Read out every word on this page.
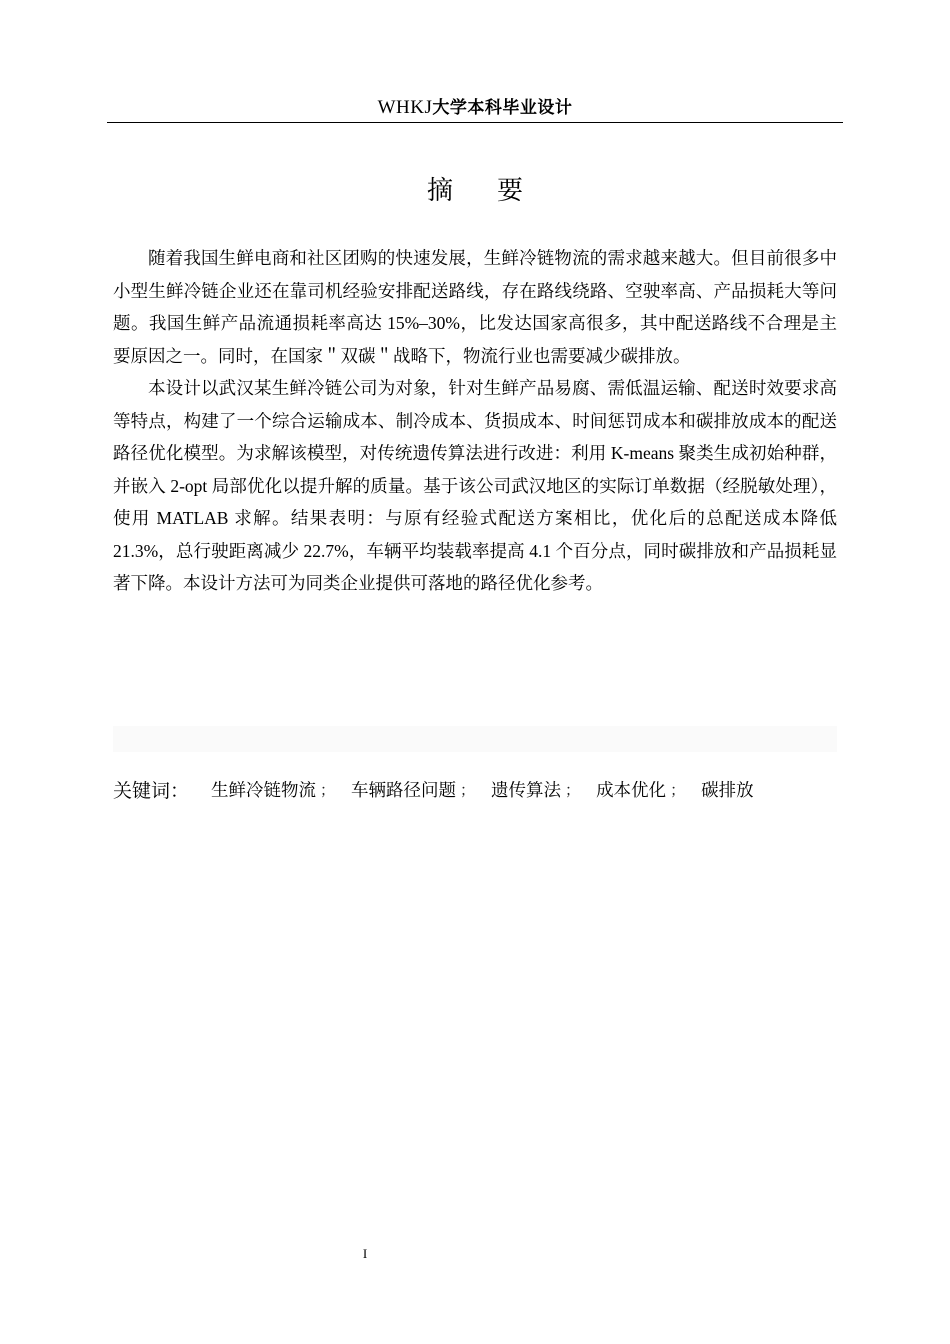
WHKJ大学本科毕业设计
摘要

随着我国生鲜电商和社区团购的快速发展，生鲜冷链物流的需求越来越大。但目前很多中小型生鲜冷链企业还在靠司机经验安排配送路线，存在路线绕路、空驶率高、产品损耗大等问题。我国生鲜产品流通损耗率高达 15%–30%，比发达国家高很多，其中配送路线不合理是主要原因之一。同时，在国家＂双碳＂战略下，物流行业也需要减少碳排放。

本设计以武汉某生鲜冷链公司为对象，针对生鲜产品易腐、需低温运输、配送时效要求高等特点，构建了一个综合运输成本、制冷成本、货损成本、时间惩罚成本和碳排放成本的配送路径优化模型。为求解该模型，对传统遗传算法进行改进：利用 K-means 聚类生成初始种群，并嵌入 2-opt 局部优化以提升解的质量。基于该公司武汉地区的实际订单数据（经脱敏处理），使用 MATLAB 求解。结果表明：与原有经验式配送方案相比，优化后的总配送成本降低 21.3%，总行驶距离减少 22.7%，车辆平均装载率提高 4.1 个百分点，同时碳排放和产品损耗显著下降。本设计方法可为同类企业提供可落地的路径优化参考。

关键词： 生鲜冷链物流 ； 车辆路径问题 ； 遗传算法 ； 成本优化 ； 碳排放
I
